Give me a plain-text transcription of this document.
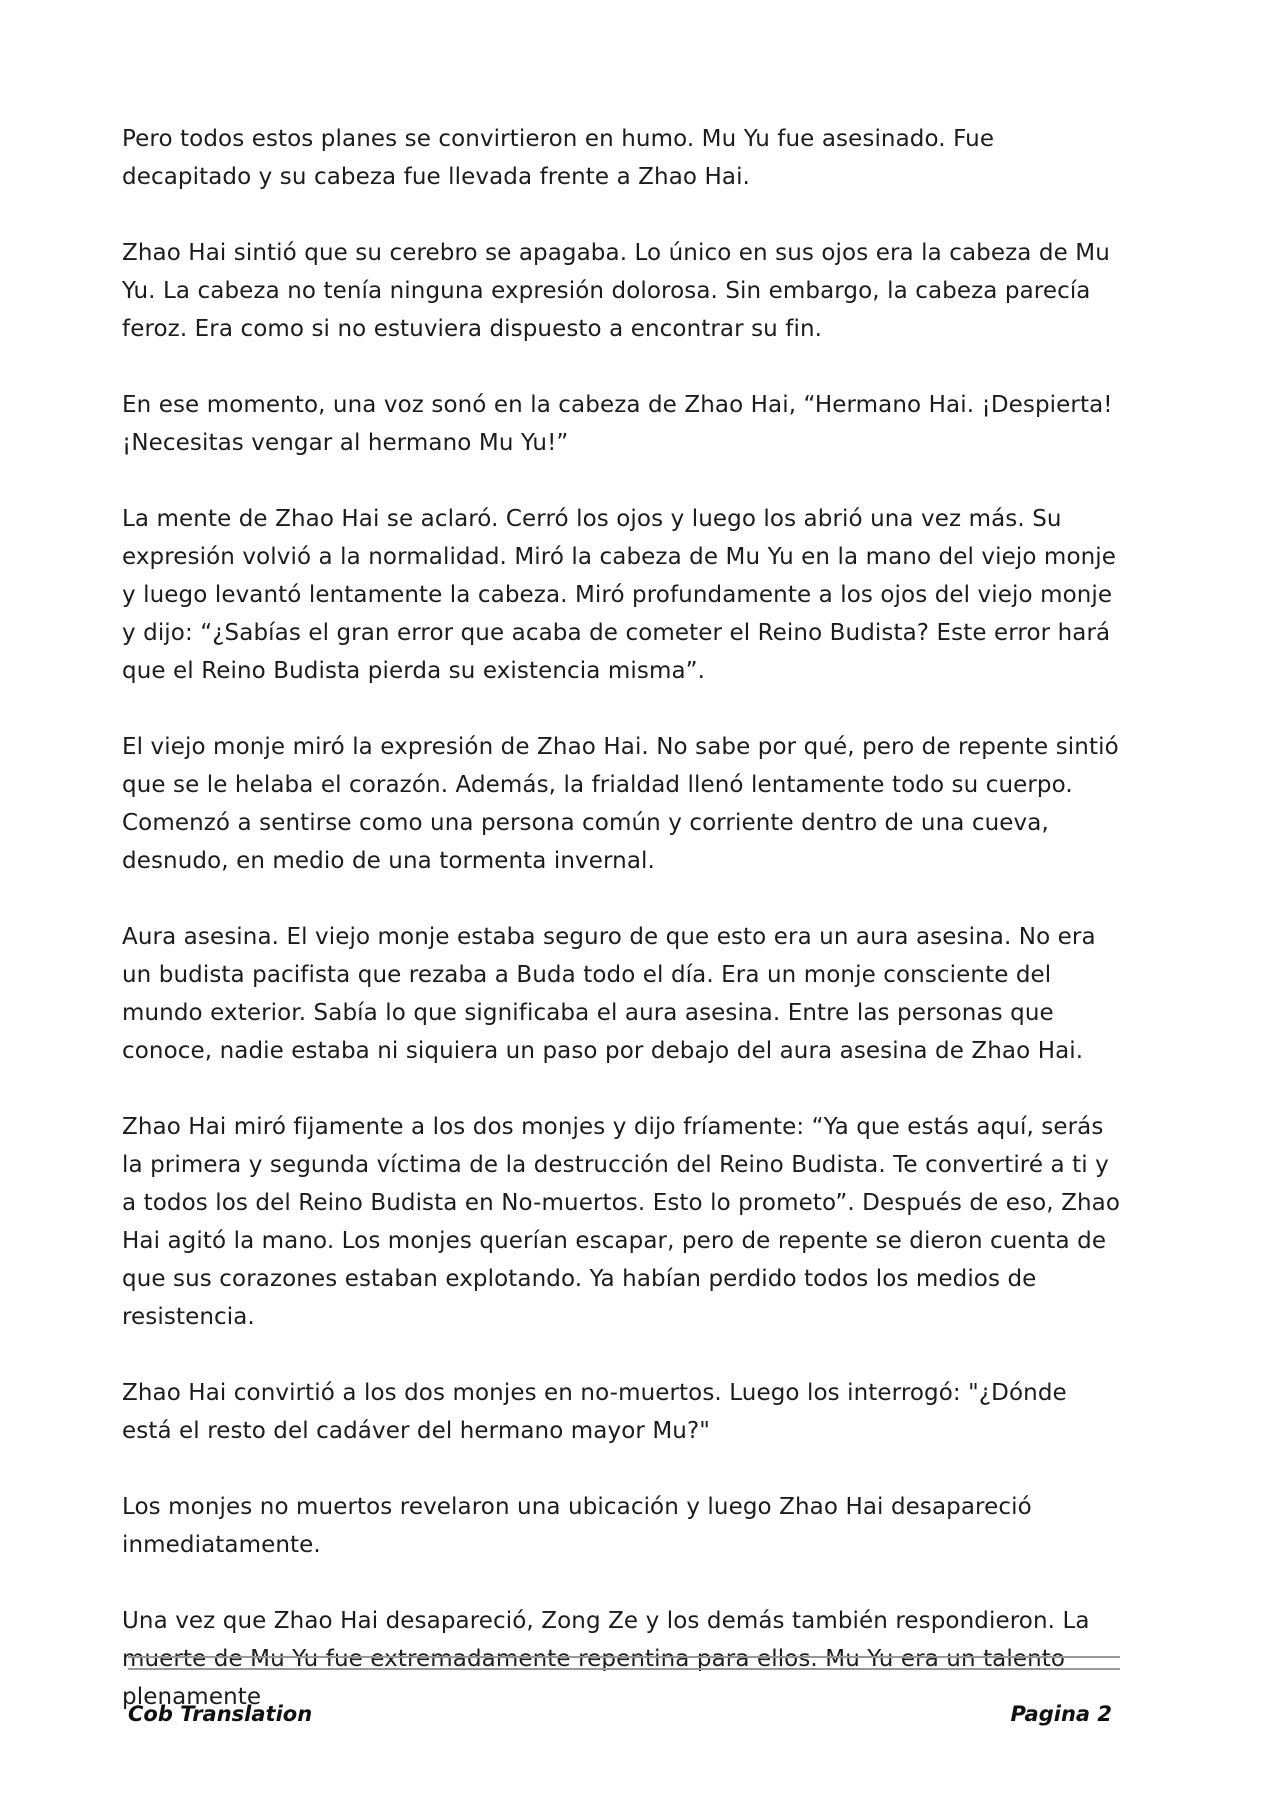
Pero todos estos planes se convirtieron en humo. Mu Yu fue asesinado. Fue decapitado y su cabeza fue llevada frente a Zhao Hai.

Zhao Hai sintió que su cerebro se apagaba. Lo único en sus ojos era la cabeza de Mu Yu. La cabeza no tenía ninguna expresión dolorosa. Sin embargo, la cabeza parecía feroz. Era como si no estuviera dispuesto a encontrar su fin.

En ese momento, una voz sonó en la cabeza de Zhao Hai, “Hermano Hai. ¡Despierta! ¡Necesitas vengar al hermano Mu Yu!”

La mente de Zhao Hai se aclaró. Cerró los ojos y luego los abrió una vez más. Su expresión volvió a la normalidad. Miró la cabeza de Mu Yu en la mano del viejo monje y luego levantó lentamente la cabeza. Miró profundamente a los ojos del viejo monje y dijo: “¿Sabías el gran error que acaba de cometer el Reino Budista? Este error hará que el Reino Budista pierda su existencia misma”.

El viejo monje miró la expresión de Zhao Hai. No sabe por qué, pero de repente sintió que se le helaba el corazón. Además, la frialdad llenó lentamente todo su cuerpo. Comenzó a sentirse como una persona común y corriente dentro de una cueva, desnudo, en medio de una tormenta invernal.

Aura asesina. El viejo monje estaba seguro de que esto era un aura asesina. No era un budista pacifista que rezaba a Buda todo el día. Era un monje consciente del mundo exterior. Sabía lo que significaba el aura asesina. Entre las personas que conoce, nadie estaba ni siquiera un paso por debajo del aura asesina de Zhao Hai.

Zhao Hai miró fijamente a los dos monjes y dijo fríamente: “Ya que estás aquí, serás la primera y segunda víctima de la destrucción del Reino Budista. Te convertiré a ti y a todos los del Reino Budista en No-muertos. Esto lo prometo”. Después de eso, Zhao Hai agitó la mano. Los monjes querían escapar, pero de repente se dieron cuenta de que sus corazones estaban explotando. Ya habían perdido todos los medios de resistencia.

Zhao Hai convirtió a los dos monjes en no-muertos. Luego los interrogó: "¿Dónde está el resto del cadáver del hermano mayor Mu?"

Los monjes no muertos revelaron una ubicación y luego Zhao Hai desapareció inmediatamente.

Una vez que Zhao Hai desapareció, Zong Ze y los demás también respondieron. La muerte de Mu Yu fue extremadamente repentina para ellos. Mu Yu era un talento plenamente

Cob Translation	Pagina 2
